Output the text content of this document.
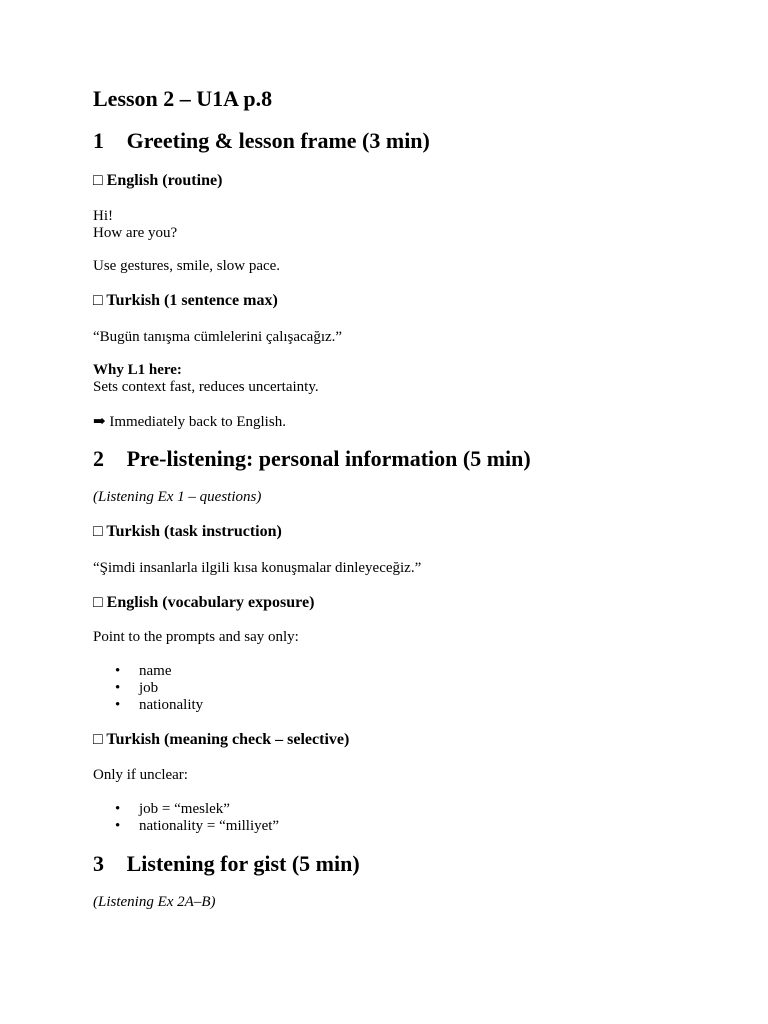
Lesson 2 – U1A p.8
1⃣ Greeting & lesson frame (3 min)
□ English (routine)
Hi!
How are you?
Use gestures, smile, slow pace.
□ Turkish (1 sentence max)
“Bugün tanışma cümlelerini çalışacağız.”
Why L1 here:
Sets context fast, reduces uncertainty.
➡ Immediately back to English.
2⃣ Pre-listening: personal information (5 min)
(Listening Ex 1 – questions)
□ Turkish (task instruction)
“Şimdi insanlarla ilgili kısa konuşmalar dinleyeceğiz.”
□ English (vocabulary exposure)
Point to the prompts and say only:
• name
• job
• nationality
□ Turkish (meaning check – selective)
Only if unclear:
• job = “meslek”
• nationality = “milliyet”
3⃣ Listening for gist (5 min)
(Listening Ex 2A–B)
